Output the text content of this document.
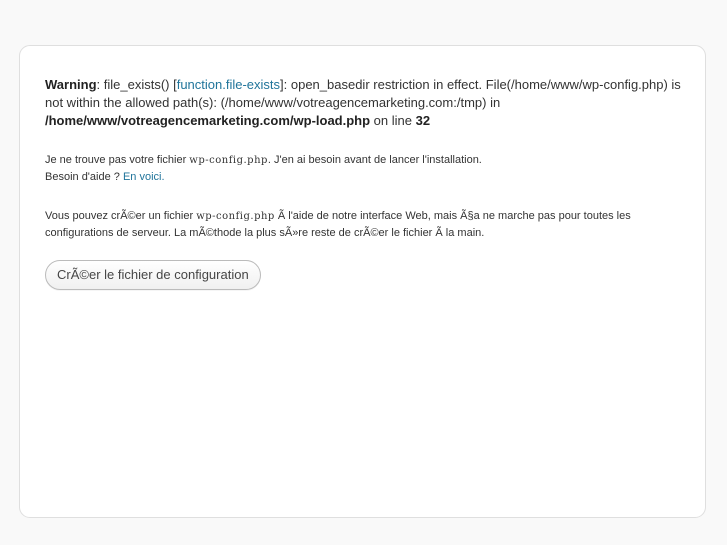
Warning: file_exists() [function.file-exists]: open_basedir restriction in effect. File(/home/www/wp-config.php) is not within the allowed path(s): (/home/www/votreagencemarketing.com:/tmp) in /home/www/votreagencemarketing.com/wp-load.php on line 32
Je ne trouve pas votre fichier wp-config.php. J'en ai besoin avant de lancer l'installation.
Besoin d'aide ? En voici.
Vous pouvez crÃ©er un fichier wp-config.php Ã l'aide de notre interface Web, mais Ã§a ne marche pas pour toutes les configurations de serveur. La mÃ©thode la plus sÃ»re reste de crÃ©er le fichier Ã la main.
CrÃ©er le fichier de configuration
